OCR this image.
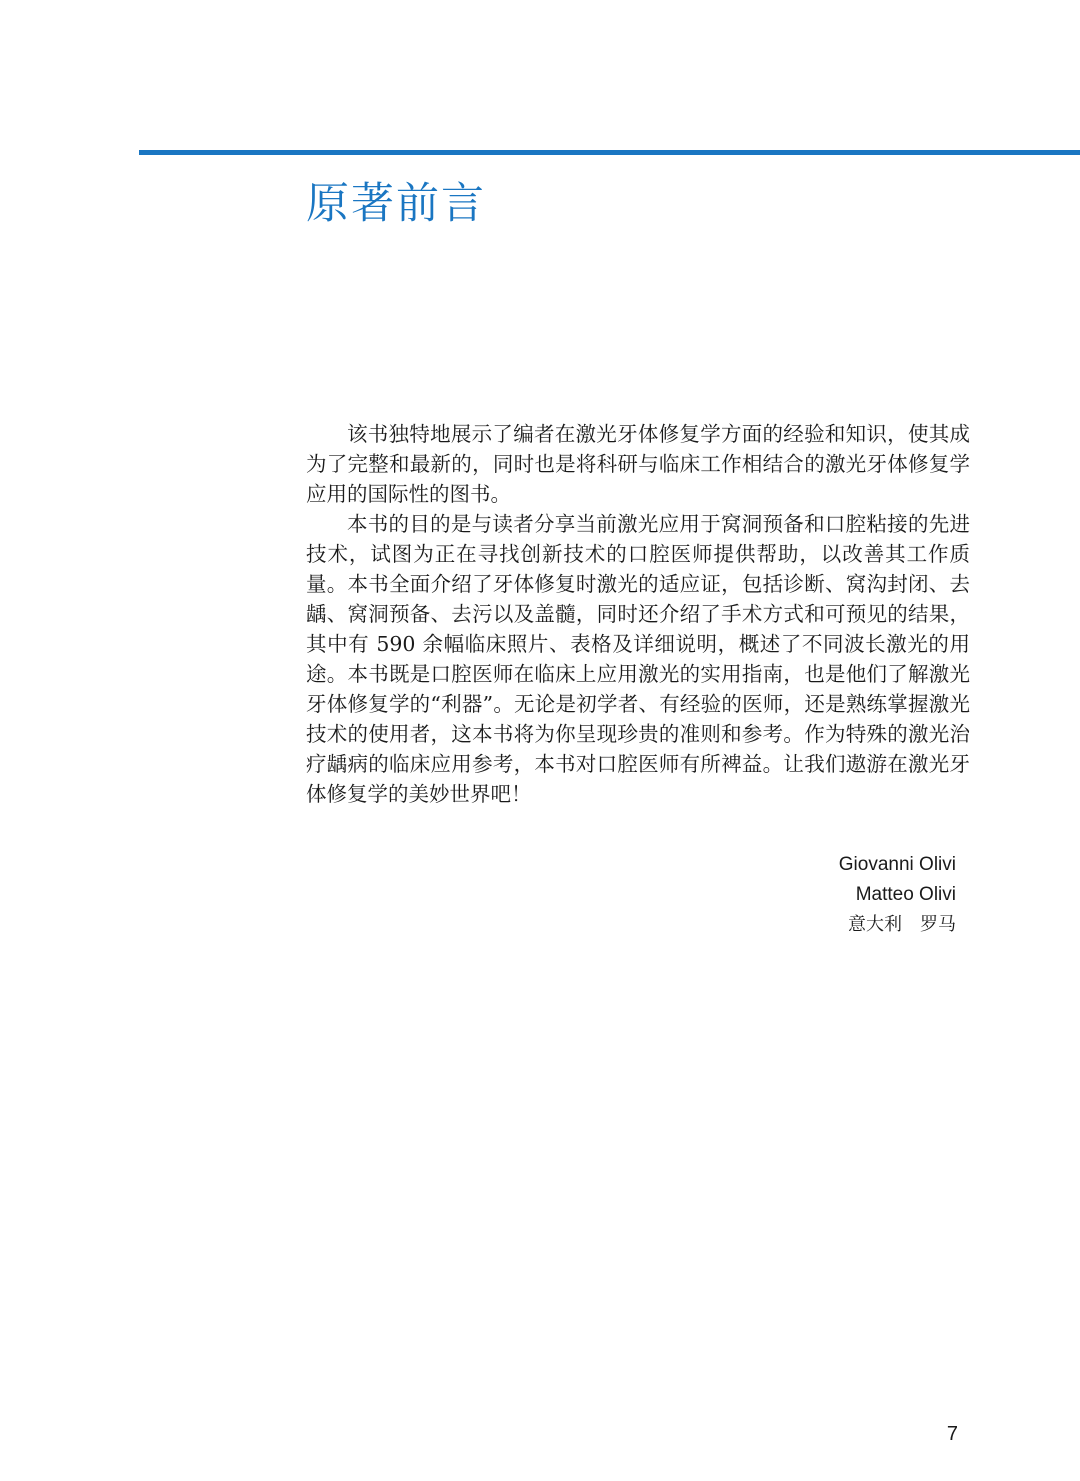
原著前言

该书独特地展示了编者在激光牙体修复学方面的经验和知识，使其成为了完整和最新的，同时也是将科研与临床工作相结合的激光牙体修复学应用的国际性的图书。

本书的目的是与读者分享当前激光应用于窝洞预备和口腔粘接的先进技术，试图为正在寻找创新技术的口腔医师提供帮助，以改善其工作质量。本书全面介绍了牙体修复时激光的适应证，包括诊断、窝沟封闭、去龋、窝洞预备、去污以及盖髓，同时还介绍了手术方式和可预见的结果，其中有 590 余幅临床照片、表格及详细说明，概述了不同波长激光的用途。本书既是口腔医师在临床上应用激光的实用指南，也是他们了解激光牙体修复学的“利器”。无论是初学者、有经验的医师，还是熟练掌握激光技术的使用者，这本书将为你呈现珍贵的准则和参考。作为特殊的激光治疗龋病的临床应用参考，本书对口腔医师有所裨益。让我们遨游在激光牙体修复学的美妙世界吧！

Giovanni Olivi
Matteo Olivi
意大利　罗马
7
